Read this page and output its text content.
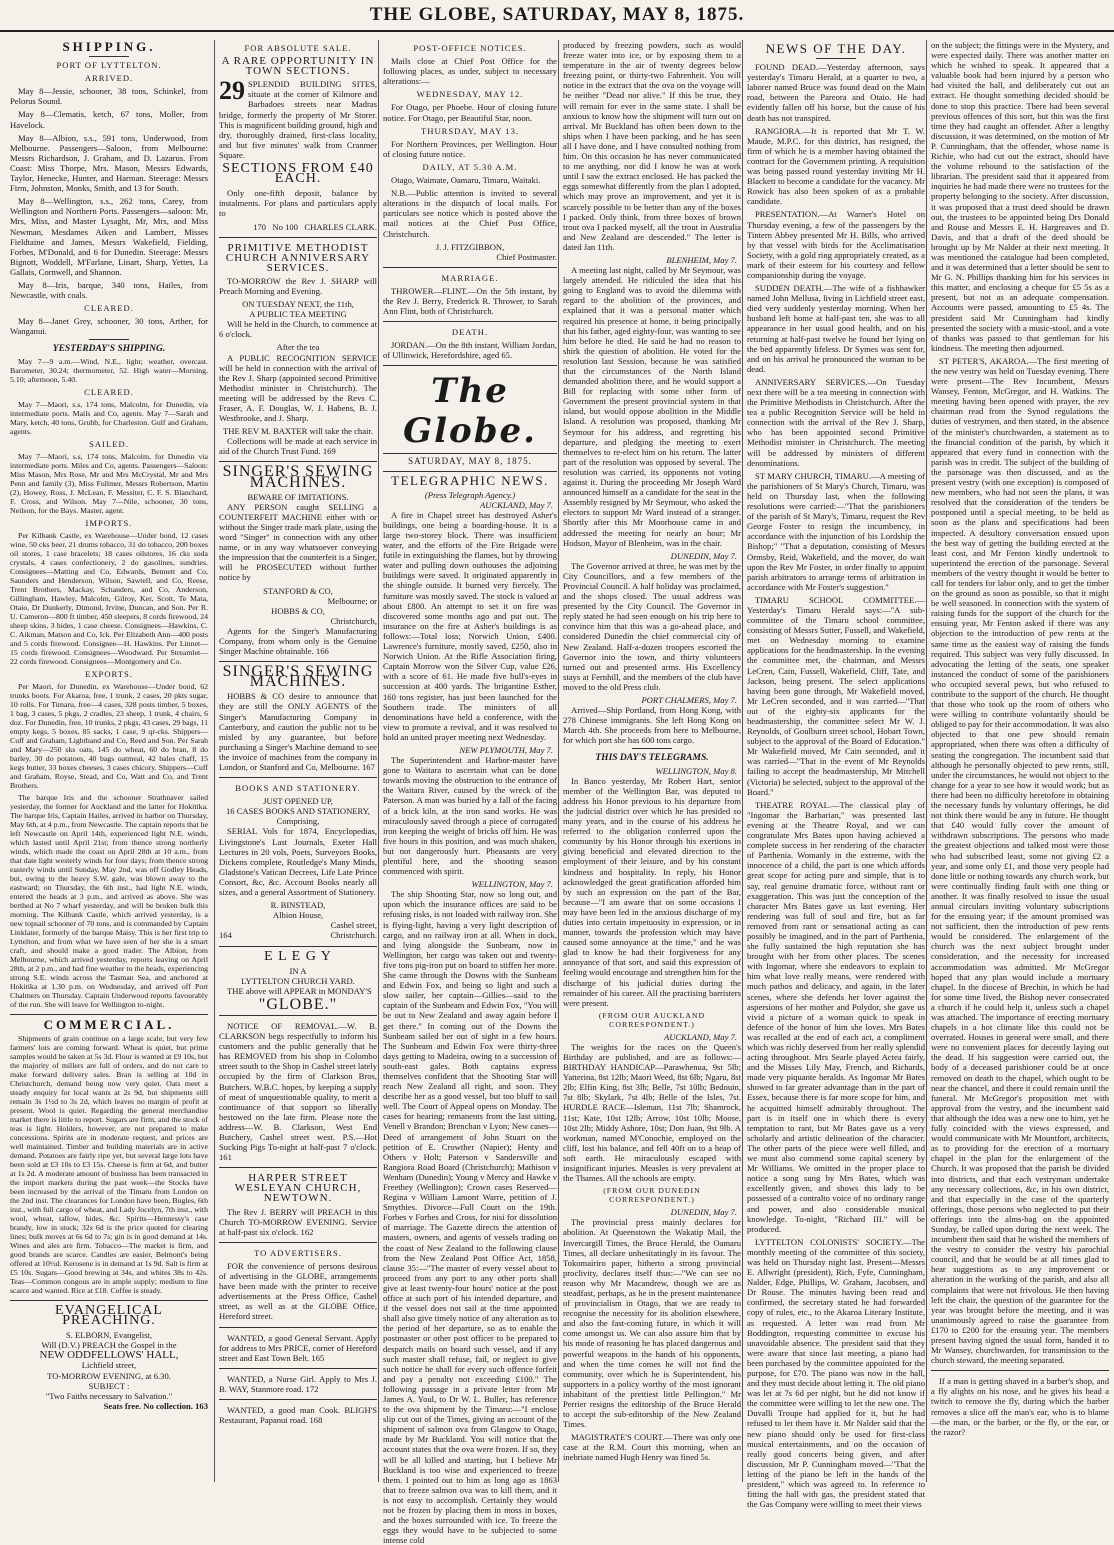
THE GLOBE, SATURDAY, MAY 8, 1875.
SHIPPING.
PORT OF LYTTELTON.
ARRIVED.

May 8—Jessie, schooner, 38 tons, Schinkel, from Pelorus Sound.

May 8—Clematis, ketch, 67 tons, Moller, from Havelock.

May 8—Albion, s.s., 591 tons, Underwood, from Melbourne. Passengers—Saloon, from Melbourne: Messrs Richardson, J. Graham, and D. Lazarus. From Coast: Miss Thorpe, Mrs. Mason, Messrs Edwards, Taylor, Henecke, Hunter, and Harman. Steerage: Messrs Firm, Johnston, Monks, Smith, and 13 for South.

May 8—Wellington, s.s., 262 tons, Carey, from Wellington and Northern Ports. Passengers—saloon: Mr, Mrs, Miss, and Master Lysaght, Mr, Mrs, and Miss Newman, Mesdames Aiken and Lambert, Misses Fieldtaine and James, Messrs Wakefield, Fielding, Forbes, M'Donald, and 6 for Dunedin. Steerage: Messrs Bignott, Woddell, M'Farlane, Linart, Sharp, Yettes, La Gallais, Cornwell, and Shannon.

May 8—Iris, barque, 340 tons, Hailes, from Newcastle, with coals.

CLEARED.

May 8—Janet Grey, schooner, 30 tons, Arther, for Wanganui.

YESTERDAY'S SHIPPING.

May 7—9 a.m.—Wind, N.E., light; weather, overcast. Barometer, 30.24; thermometer, 52. High water—Morning, 5.10; afternoon, 5.40.

CLEARED.

May 7—Maori, s.s, 174 tons, Malcolm, for Dunedin, via intermediate ports. Mails and Co, agents. May 7—Sarah and Mary, ketch, 40 tons, Grubb, for Charleston. Gulf and Graham, agents.

SAILED.

May 7—Maori, s.s, 174 tons, Malcolm, for Dunedin via intermediate ports. Miles and Co, agents. Passengers—Saloon: Miss Mason, Mrs Rose, Mr and Mrs McCrystal, Mr and Mrs Penn and family (3), Miss Fullmer, Messrs Robertson, Martin (2), Howey, Ross, J. McLean, F. Messiter, C. F. S. Blanchard, F. Cross, and Wilson. May 7—Nile, schooner, 30 tons, Neilson, for the Bays. Master, agent.

IMPORTS.

Per Kilbank Castle, ex Warehouse—Under bond, 12 cases wine, 50 cks beer, 21 drums tobacco, 31 do tobacco, 200 boxes oil stores, 1 case bracelets; 18 cases oilstores, 16 cks soda crystals, 4 cases confectionery, 2 do gasolines, sundries. Consignees—Matting and Co, Edwards, Bennett and Co, Saunders and Henderson, Wilson, Sawtell, and Co, Reese, Trent Brothers, Mackay, Schanders, and Co, Anderson, Gillingham, Hawley, Malcolm, Gilroy, Ker, Scott, Te Mata, Otaio, Dr Dunkerly, Dimond, Irvine, Duncan, and Son. Per R. U. Cameron—800 ft timber, 450 sleepers, 8 cords firewood, 24 sheep skins, 3 hides, 1 case cheese. Consignees—Hawkins, C. C. Aikman, Matson and Co, Ick. Per Elizabeth Ann—400 posts and 5 cords firewood. Consignee—H. Hawkins. Per Linnet—15 cords firewood. Consignees—Woodward. Per Streamlet—22 cords firewood. Consignees—Montgomery and Co.

EXPORTS.

Per Maori, for Dunedin, ex Warehouse—Under bond, 62 trunks boots. For Akaroa, free, 1 trunk, 2 cases, 20 pkts sugar, 10 rolls. For Timaru, free—4 cases, 328 posts timber, 5 boxes, 1 bag, 3 cases, 5 pkgs, 2 cradles, 23 sheep, 1 trunk, 4 chairs, 6 doz. For Dunedin, free, 10 trunks, 2 pkgs, 43 cases, 29 bags, 11 empty kegs, 5 boxes, 85 sacks, 1 case, 9 qr-cks. Shippers—Cuff and Graham, Lightband and Co, Reed and Son. Per Sarah and Mary—250 sks oats, 145 do wheat, 60 do bran, 8 do barley, 30 do potatoes, 40 bags oatmeal, 42 bales chaff, 15 kegs butter, 33 boxes cheeses, 3 cases chicory. Shippers—Cuff and Graham, Royse, Stead, and Co, Watt and Co, and Trent Brothers.

The barque Iris and the schooner Strathnaver sailed yesterday, the former for Auckland and the latter for Hokitika. The barque Iris, Captain Hailes, arrived in harbor on Thursday, May 6th, at 4 p.m., from Newcastle. The captain reports that he left Newcastle on April 14th, experienced light N.E. winds, which lasted until April 21st; from thence strong northerly winds, which made the coast on April 28th at 10 a.m., from that date light westerly winds for four days; from thence strong easterly winds until Sunday, May 2nd, was off Godley Heads, but, owing to the heavy S.W. gale, was blown away to the eastward; on Thursday, the 6th inst., had light N.E. winds, entered the heads at 3 p.m., and arrived as above. She was berthed at No 7 wharf yesterday, and will be broken bulk this morning. The Kilbank Castle, which arrived yesterday, is a new topsail schooner of 70 tons, and is commanded by Captain Linklater, formerly of the barque Maisy. This is her first trip to Lyttelton, and from what we have seen of her she is a smart craft, and should make a good trader. The Albion, from Melbourne, which arrived yesterday, reports leaving on April 28th, at 2 p.m., and had fine weather to the heads, experiencing strong S.E. winds across the Tasman Sea, and anchored at Hokitika at 1.30 p.m. on Wednesday, and arrived off Port Chalmers on Thursday. Captain Underwood reports favourably of the run. She will leave for Wellington to-night.

COMMERCIAL.

Shipments of grain continue on a large scale, but very few farmers' lots are coming forward. Wheat is quiet, but prime samples would be taken at 5s 3d. Flour is wanted at £9 10s, but the majority of millers are full of orders, and do not care to make forward delivery sales. Bran is selling at 10d in Christchurch, demand being now very quiet. Oats meet a steady enquiry for local wants at 2s 9d, but shipments still remain 3s 1½d to 3s 2d, which leaves no margin of profit at present. Wool is quiet. Regarding the general merchandise market there is little to report. Sugars are firm, and the stock of teas is light. Holders, however, are not prepared to make concessions. Spirits are in moderate request, and prices are well maintained. Timber and building materials are in active demand. Potatoes are fairly ripe yet, but several large lots have been sold at £3 10s to £3 15s. Cheese is firm at 6d, and butter at 1s 2d. A moderate amount of business has been transacted in the import markets during the past week—the Stocks have been increased by the arrival of the Timaru from London on the 2nd inst. The clearances for London have been, Bugles, 6th inst., with full cargo of wheat, and Lady Jocelyn, 7th inst., with wool, wheat, tallow, hides, &c. Spirits—Hennessy's case brandy, low in stock; 32s 6d is the price quoted for clearing lines; bulk moves at 6s 6d to 7s; gin is in good demand at 14s. Wines and ales are firm. Tobacco—The market is firm, and good brands are scarce. Candles are easier, Belmont's being offered at 10½d. Kerosene is in demand at 1s 9d. Salt is firm at £5 10s. Sugars—Good brewing at 34s, and whites 38s to 42s. Teas—Common congous are in ample supply; medium to fine scarce and wanted. Rice at £18. Coffee is steady.

EVANGELICAL PREACHING.
S. ELBORN, Evangelist,
Will (D.V.) PREACH the Gospel in the
NEW ODDFELLOWS' HALL,
Lichfield street,
TO-MORROW EVENING, at 6.30.
SUBJECT :
"Two Faiths necessary to Salvation."
Seats free. No collection. 163
FOR ABSOLUTE SALE.
A RARE OPPORTUNITY IN TOWN SECTIONS.

29 SPLENDID BUILDING SITES, situate at the corner of Kilmore and Barbadoes streets near Madras bridge, formerly the property of Mr Storer. This is magnificent building ground, high and dry, thoroughly drained, first-class locality, and but five minutes' walk from Cranmer Square.

SECTIONS FROM £40 EACH.

Only one-fifth deposit, balance by instalments. For plans and particulars apply to

170 No 100 CHARLES CLARK.
PRIMITIVE METHODIST CHURCH ANNIVERSARY SERVICES.

TO-MORROW the Rev J. SHARP will Preach Morning and Evening.

ON TUESDAY NEXT, the 11th,
A PUBLIC TEA MEETING

Will be held in the Church, to commence at 6 o'clock.

After the tea

A PUBLIC RECOGNITION SERVICE will be held in connection with the arrival of the Rev J. Sharp (appointed second Primitive Methodist minister in Christchurch). The meeting will be addressed by the Revs C. Fraser, A. F. Douglas, W. J. Habens, B. J. Westbrooke, and J. Sharp.

THE REV M. BAXTER will take the chair.

Collections will be made at each service in aid of the Church Trust Fund. 169

SINGER'S SEWING MACHINES.
BEWARE OF IMITATIONS.

ANY PERSON caught SELLING a COUNTERFEIT MACHINE either with or without the Singer trade mark plate, using the word "Singer" in connection with any other name, or in any way whatsoever conveying the impression that the counterfeit is a Singer, will be PROSECUTED without further notice by

STANFORD & CO,
Melbourne; or
HOBBS & CO,
Christchurch,

Agents for the Singer's Manufacturing Company, from whom only is the Genuine Singer Machine obtainable. 166

SINGER'S SEWING MACHINES.

HOBBS & CO desire to announce that they are still the ONLY AGENTS of the Singer's Manufacturing Company in Canterbury, and caution the public not to be misled by any guarantee, but before purchasing a Singer's Machine demand to see the invoice of machines from the company in London, or Stanford and Co, Melbourne. 167

BOOKS AND STATIONERY.
JUST OPENED UP,
16 CASES BOOKS AND STATIONERY,
Comprising,

SERIAL Vols for 1874, Encyclopedias, Livingstone's Last Journals, Exeter Hall Lectures in 20 vols, Poets, Surveyors Books, Dickens complete, Routledge's Many Minds, Gladstone's Vatican Decrees, Life Late Prince Consort, &c, &c. Account Books nearly all sizes, and a general Assortment of Stationery.

R. BINSTEAD,
Albion House,
Cashel street,
164	Christchurch.
E L E G Y
IN A
LYTTELTON CHURCH YARD.

THE above will APPEAR in MONDAY'S

"GLOBE."

NOTICE OF REMOVAL.—W. B. CLARKSON begs respectfully to inform his customers and the public generally that he has REMOVED from his shop in Colombo street south to the Shop in Cashel street lately occupied by the firm of Clarkson Bros, Butchers. W.B.C. hopes, by keeping a supply of meat of unquestionable quality, to merit a continuance of that support so liberally bestowed on the late firm. Please note the address—W. B. Clarkson, West End Butchery, Cashel street west. P.S.—Hot Sucking Pigs To-night at half-past 7 o'clock. 161

HARPER STREET WESLEYAN CHURCH, NEWTOWN.

The Rev J. BERRY will PREACH in this Church TO-MORROW EVENING. Service at half-past six o'clock. 162

TO ADVERTISERS.

FOR the convenience of persons desirous of advertising in the GLOBE, arrangements have been made with the printer to receive advertisements at the Press Office, Cashel street, as well as at the GLOBE Office, Hereford street.

WANTED, a good General Servant. Apply for address to Mrs PRICE, corner of Hereford street and East Town Belt. 165

WANTED, a Nurse Girl. Apply to Mrs J. B. WAY, Stanmore road. 172

WANTED, a good man Cook. BLIGH'S Restaurant, Papanui road. 168

POST-OFFICE NOTICES.

Mails close at Chief Post Office for the following places, as under, subject to necessary alterations:—

WEDNESDAY, MAY 12.

For Otago, per Phoebe. Hour of closing future notice. For Otago, per Beautiful Star, noon.

THURSDAY, MAY 13.

For Northern Provinces, per Wellington. Hour of closing future notice.

DAILY, AT 5.30 A.M.

Otago, Waimate, Oamaru, Timaru, Waitaki.

N.B.—Public attention is invited to several alterations in the dispatch of local mails. For particulars see notice which is posted above the mail notices at the Chief Post Office, Christchurch.

J. J. FITZGIBBON,
Chief Postmaster.
MARRIAGE.

THROWER—FLINT.—On the 5th instant, by the Rev J. Berry, Frederick R. Thrower, to Sarah Ann Flint, both of Christchurch.

DEATH.

JORDAN.—On the 8th instant, William Jordan, of Ullinwick, Herefordshire, aged 65.

The Globe.
SATURDAY, MAY 8, 1875.
TELEGRAPHIC NEWS.
(Press Telegraph Agency.)
AUCKLAND, May 7.

A fire in Chapel street has destroyed Asher's buildings, one being a boarding-house. It is a large two-storey block. There was insufficient water, and the efforts of the Fire Brigade were futile in extinguishing the flames, but by throwing water and pulling down outhouses the adjoining buildings were saved. It originated apparently in the shingle outside. It burned very fiercely. The furniture was mostly saved. The stock is valued at about £800. An attempt to set it on fire was discovered some months ago and put out. The insurance on the fire at Asher's buildings is as follows:—Total loss; Norwich Union, £400. Lawrence's furniture, mostly saved, £250, also in Norwich Union. At the Rifle Association firing, Captain Morrow won the Silver Cup, value £26, with a score of 61. He made five bull's-eyes in succession at 400 yards. The brigantine Esther, 160 tons register, has just been launched for the Southern trade. The ministers of all denominations have held a conference, with the view to promote a revival, and it was resolved to hold an united prayer meeting next Wednesday.

NEW PLYMOUTH, May 7.

The Superintendent and Harbor-master have gone to Waitara to ascertain what can be done towards moving the obstruction to the entrance of the Waitara River, caused by the wreck of the Paterson. A man was buried by a fall of the facing of a brick kiln, at the iron sand works. He was miraculously saved through a piece of corrugated iron keeping the weight of bricks off him. He was five hours in this position, and was much shaken, but not dangerously hurt. Pheasants are very plentiful here, and the shooting season commenced with spirit.

WELLINGTON, May 7.

The ship Shooting Star, now so long out, and upon which the insurance offices are said to be refusing risks, is not loaded with railway iron. She is flying-light, having a very light description of cargo, and no railway iron at all. When in dock, and lying alongside the Sunbeam, now in Wellington, her cargo was taken out and twenty-five tons pig-iron put on board to stiffen her more. She came through the Downs with the Sunbeam and Edwin Fox, and being so light and such a slow sailer, her captain—Gillies—said to the captain of the Sunbeam and Edwin Fox, "You will be out to New Zealand and away again before I get there." In coming out of the Downs the Sunbeam sailed her out of sight in a few hours. The Sunbeam and Edwin Fox were thirty-three days getting to Madeira, owing to a succession of south-east gales. Both captains express themselves confident that the Shooting Star will reach New Zealand all right, and soon. They describe her as a good vessel, but too bluff to sail well. The Court of Appeal opens on Monday. The cases for hearing; remanents from the last sitting, Venell v Brandon; Brenchan v Lyon; New cases—Deed of arrangement of John Stuart on the petition of E. Crowther (Napier); Henty and Others v Holt; Paterson v Sandersville and Rangiora Road Board (Christchurch); Mathison v Wenham (Dunedin); Young v Mercy and Hawke v Freethey (Wellington); Crown cases Reserved—Regina v William Lamont Warre, petition of J. Smythies. Divorce—Full Court on the 19th. Forbes v Forbes and Cross, for nisi for dissolution of marriage. The Gazette directs the attention of masters, owners, and agents of vessels trading on the coast of New Zealand to the following clause from the New Zealand Post Office Act, 1858, clause 35:—"The master of every vessel about to proceed from any port to any other ports shall give at least twenty-four hours' notice at the post office at such port of his intended departure, and if the vessel does not sail at the time appointed shall also give timely notice of any alteration as to the period of her departure, so as to enable the postmaster or other post officer to be prepared to despatch mails on board such vessel, and if any such master shall refuse, fail, or neglect to give such notice he shall for every such offence forfeit and pay a penalty not exceeding £100." The following passage in a private letter from Mr James A. Youl, to Dr W. L. Buller, has reference to the ova shipment by the Timaru:—"I enclose slip cut out of the Times, giving an account of the shipment of salmon ova from Glasgow to Otago, made by Mr Buckland. You will notice that the account states that the ova were frozen. If so, they will be all killed and starting, but I believe Mr Buckland is too wise and experienced to freeze them. I pointed out to him as long ago as 1863 that to freeze salmon ova was to kill them, and it is not easy to accomplish. Certainly they would not be frozen by placing them in moss in boxes, and the boxes surrounded with ice. To freeze the eggs they would have to be subjected to some intense cold

produced by freezing powders, such as would freeze water into ice, or by exposing them to a temperature in the air of twenty degrees below freezing point, or thirty-two Fahrenheit. You will notice in the extract that the ova on the voyage will be neither "Dead nor alive." If this be true, they will remain for ever in the same state. I shall be anxious to know how the shipment will turn out on arrival. Mr Buckland has often been down to the ships when I have been packing, and he has seen all I have done, and I have consulted nothing from him. On this occasion he has never communicated to me anything, nor did I know he was at work until I saw the extract enclosed. He has packed the eggs somewhat differently from the plan I adopted, which may prove an improvement, and yet it is scarcely possible to be better than any of the boxes I packed. Only think, from three boxes of brown trout ova I packed myself, all the trout in Australia and New Zealand are descended." The letter is dated Jan 11th.

BLENHEIM, May 7.

A meeting last night, called by Mr Seymour, was largely attended. He ridiculed the idea that his going to England was to avoid the dilemma with regard to the abolition of the provinces, and explained that it was a personal matter which required his presence at home, it being principally that his father, aged eighty-four, was wanting to see him before he died. He said he had no reason to shirk the question of abolition. He voted for the resolution last Session, because he was satisfied that the circumstances of the North Island demanded abolition there, and he would support a Bill for replacing with some other form of Government the present provincial system in that island, but would oppose abolition in the Middle Island. A resolution was proposed, thanking Mr Seymour for his address, and regretting his departure, and pledging the meeting to exert themselves to re-elect him on his return. The latter part of the resolution was opposed by several. The resolution was carried, its opponents not voting against it. During the proceeding Mr Joseph Ward announced himself as a candidate for the seat in the Assembly resigned by Mr Seymour, who asked the electors to support Mr Ward instead of a stranger. Shortly after this Mr Moorhouse came in and addressed the meeting for nearly an hour; Mr Hodson, Mayor of Blenheim, was in the chair.

DUNEDIN, May 7.

The Governor arrived at three, he was met by the City Councillors, and a few members of the Provincial Council. A half holiday was proclaimed, and the shops closed. The usual address was presented by the City Council. The Governor in reply stated he had seen enough on his trip here to convince him that this was a go-ahead place, and considered Dunedin the chief commercial city of New Zealand. Half-a-dozen troopers escorted the Governor into the town, and thirty volunteers turned out and presented arms. His Excellency stays at Fernhill, and the members of the club have moved to the old Press club.

PORT CHALMERS, May 7.

Arrived—Ship Portland, from Hong Kong, with 278 Chinese immigrants. She left Hong Kong on March 4th. She proceeds from here to Melbourne, for which port she has 600 tons cargo.

THIS DAY'S TELEGRAMS.
WELLINGTON, May 8.

In Banco yesterday, Mr Robert Hart, senior member of the Wellington Bar, was deputed to address his Honor previous to his departure from the judicial district over which he has presided so many years, and in the course of his address he referred to the obligation conferred upon the community by his Honor through his exertions in giving beneficial and elevated direction to the employment of their leisure, and by his constant kindness and hospitality. In reply, his Honor acknowledged the great gratification afforded him by such an expression on the part of the Bar, because—"I am aware that on some occasions I may have been led in the anxious discharge of my duties into certain impetuosity in expression, or in manner, towards the profession which may have caused some annoyance at the time," and he was glad to know he had their forgiveness for any annoyance of that sort, and said this expression of feeling would encourage and strengthen him for the discharge of his judicial duties during the remainder of his career. All the practising barristers were present.

(FROM OUR AUCKLAND CORRESPONDENT.)
AUCKLAND, May 7.

The weights for the races on the Queen's Birthday are published, and are as follows:— BIRTHDAY HANDICAP—Parawhenua, 9st 5lb; Yatterina, 8st 12lb; Maori Weed, 8st 6lb; Ngaru, 8st 2lb; Elfin King, 8st 3lb; Belle, 7st 10lb; Bedouin, 7st 8lb; Skylark, 7st 4lb; Belle of the Isles, 7st. HURDLE RACE—Isleman, 11st 7lb; Shamrock, 11st; Kate, 10st 12lb; Arrow, 10st 10lb; Moose, 10st 2lb; Middy Ashore, 10st; Don Juan, 9st 9lb. A workman, named M'Conochie, employed on the cliff, lost his balance, and fell 40ft on to a heap of soft earth. He miraculously escaped with insignificant injuries. Measles is very prevalent at the Thames. All the schools are empty.

(FROM OUR DUNEDIN CORRESPONDENT.)
DUNEDIN, May 7.

The provincial press mainly declares for abolition. At Queenstown the Wakatip Mail, the Invercargill Times, the Bruce Herald, the Oamaru Times, all declare unhesitatingly in its favour. The Tokomairiro paper, hitherto a strong provincial proclivity, declares itself thus:—"We can see no reason why Mr Macandrew, though we are as steadfast, perhaps, as he in the present maintenance of provincialism in Otago, that we are ready to recognise the necessity for its abolition elsewhere, and also the fast-coming future, in which it will come amongst us. We can also assure him that by his mode of reasoning he has placed dangerous and powerful weapons in the hands of his opponents, and when the time comes he will not find the community, over which he is Superintendent, his supporters in a policy worthy of the most ignorant inhabitant of the prettiest little Pellington." Mr Perrier resigns the editorship of the Bruce Herald to accept the sub-editorship of the New Zealand Times.

MAGISTRATE'S COURT.—There was only one case at the R.M. Court this morning, when an inebriate named Hugh Henry was fined 5s.

NEWS OF THE DAY.

FOUND DEAD.—Yesterday afternoon, says yesterday's Timaru Herald, at a quarter to two, a laborer named Bruce was found dead on the Main road, between the Pareora and Otaio. He had evidently fallen off his horse, but the cause of his death has not transpired.

RANGIORA.—It is reported that Mr T. W. Maude, M.P.C. for this district, has resigned, the firm of which he is a member having obtained the contract for the Government printing. A requisition was being passed round yesterday inviting Mr H. Blackett to become a candidate for the vacancy. Mr Rowick has also been spoken of as a probable candidate.

PRESENTATION.—At Warner's Hotel on Thursday evening, a few of the passengers by the Tintern Abbey presented Mr H. Bills, who arrived by that vessel with birds for the Acclimatisation Society, with a gold ring appropriately created, as a mark of their esteem for his courtesy and fellow companionship during the voyage.

SUDDEN DEATH.—The wife of a fishhawker named John Mellusa, living in Lichfield street east, died very suddenly yesterday morning. When her husband left home at half-past ten, she was to all appearance in her usual good health, and on his returning at half-past twelve he found her lying on the bed apparently lifeless. Dr Symes was sent for, and on his arrival he pronounced the woman to be dead.

ANNIVERSARY SERVICES.—On Tuesday next there will be a tea meeting in connection with the Primitive Methodists in Christchurch. After the tea a public Recognition Service will be held in connection with the arrival of the Rev J. Sharp, who has been appointed second Primitive Methodist minister in Christchurch. The meeting will be addressed by ministers of different denominations.

ST MARY CHURCH, TIMARU.—A meeting of the parishioners of St Mary's Church, Timaru, was held on Thursday last, when the following resolutions were carried:—"That the parishioners of the parish of St Mary's, Timaru, request the Rev George Foster to resign the incumbency, in accordance with the injunction of his Lordship the Bishop;" "That a deputation, consisting of Messrs Ormsby, Reid, Wakefield, and the mover, do wait upon the Rev Mr Foster, in order finally to appoint parish arbitrators to arrange terms of arbitration in accordance with Mr Foster's suggestion."

TIMARU SCHOOL COMMITTEE.—Yesterday's Timaru Herald says:—"A sub-committee of the Timaru school committee, consisting of Messrs Sutter, Fussell, and Wakefield, met on Wednesday morning to examine applications for the headmastership. In the evening the committee met, the chairman, and Messrs LeCren, Cain, Fussell, Wakefield, Cliff, Tate, and Jackson, being present. The select applications having been gone through, Mr Wakefield moved, Mr LeCren seconded, and it was carried—"That out of the eighty-six applicants for the headmastership, the committee select Mr W. J. Reynolds, of Goulburn street school, Hobart Town, subject to the approval of the Board of Education." Mr Wakefield moved, Mr Cain seconded, and it was carried—"That in the event of Mr Reynolds failing to accept the headmastership, Mr Mitchell (Victoria) be selected, subject to the approval of the Board."

THEATRE ROYAL.—The classical play of "Ingomar the Barbarian," was presented last evening at the Theatre Royal, and we can congratulate Mrs Bates upon having achieved a complete success in her rendering of the character of Parthenia. Womanly in the extreme, with the innocence of a child, the part is one which affords great scope for acting pure and simple, that is to say, real genuine dramatic force, without rant or exaggeration. This was just the conception of the character Mrs Bates gave us last evening. Her rendering was full of soul and fire, but as far removed from rant or sensational acting as can possibly be imagined, and in the part of Parthenia, she fully sustained the high reputation she has brought with her from other places. The scenes with Ingomar, where she endeavors to explain to him what love really means, were rendered with much pathos and delicacy, and again, in the later scenes, where she defends her lover against the aspersions of her mother and Polydor, she gave us vivid a picture of a woman quick to speak in defence of the honor of him she loves. Mrs Bates was recalled at the end of each act, a compliment which was richly deserved from her really splendid acting throughout. Mrs Searle played Actea fairly, and the Misses Lily May, French, and Richards, made very piquante heralds. As Ingomar Mr Bates showed to far greater advantage than in the part of Essex, because there is far more scope for him, and he acquitted himself admirably throughout. The part is in itself one in which there is every temptation to rant, but Mr Bates gave us a very scholarly and artistic delineation of the character. The other parts of the piece were well filled, and we must also commend some capital scenery by Mr Williams. We omitted in the proper place to notice a song sung by Mrs Bates, which was excellently given, and shows this lady to be possessed of a contralto voice of no ordinary range and power, and also considerable musical knowledge. To-night, "Richard III." will be produced.

LYTTELTON COLONISTS' SOCIETY.—The monthly meeting of the committee of this society, was held on Thursday night last. Present—Messrs E. Allwright (president), Rich, Fyfe, Cunningham, Nalder, Edge, Phillips, W. Graham, Jacobsen, and Dr Rouse. The minutes having been read and confirmed, the secretary stated he had forwarded copy of rules, etc., to the Akaroa Literary Institute, as requested. A letter was read from Mr Boddington, requesting committee to excuse his unavoidable absence. The president said that they were aware that since last meeting, a piano had been purchased by the committee appointed for the purpose, for £70. The piano was now in the hall, and they must decide about letting it. The old piano was let at 7s 6d per night, but he did not know if the committee were willing to let the new one. The Duvalli Troupe had applied for it, but he had refused to let them have it. Mr Nalder said that the new piano should only be used for first-class musical entertainments, and on the occasion of really good concerts being given, and after discussion, Mr P. Cunningham moved—"That the letting of the piano be left in the hands of the president," which was agreed to. In reference to fitting the hall with gas, the president stated that the Gas Company were willing to meet their views

on the subject; the fittings were in the Mystery, and were expected daily. There was another matter on which he wished to speak. It appeared that a valuable book had been injured by a person who had visited the hall, and deliberately cut out an extract. He thought something decided should be done to stop this practice. There had been several previous offences of this sort, but this was the first time they had caught an offender. After a lengthy discussion, it was determined, on the motion of Mr P. Cunningham, that the offender, whose name is Richie, who had cut out the extract, should have the volume rebound to the satisfaction of the librarian. The president said that it appeared from inquiries he had made there were no trustees for the property belonging to the society. After discussion, it was proposed that a trust deed should be drawn out, the trustees to be appointed being Drs Donald and Rouse and Messrs E. H. Hargreaves and D. Davis, and that a draft of the deed should be brought up by Mr Nalder at their next meeting. It was mentioned the catalogue had been completed, and it was determined that a letter should be sent to Mr G. N. Phillips thanking him for his services in this matter, and enclosing a cheque for £5 5s as a present, but not as an adequate compensation. Accounts were passed, amounting to £5 4s. The president said Mr Cunningham had kindly presented the society with a music-stool, and a vote of thanks was passed to that gentleman for his kindness. The meeting then adjourned.

ST PETER'S, AKAROA.—The first meeting of the new vestry was held on Tuesday evening. There were present—The Rev Incumbent, Messrs Wansey, Fenton, McGregor, and H. Watkins. The meeting having been opened with prayer, the rev chairman read from the Synod regulations the duties of vestrymen, and then stated, in the absence of the minister's churchwarden, a statement as to the financial condition of the parish, by which it appeared that every fund in connection with the parish was in credit. The subject of the building of the parsonage was then discussed, and as the present vestry (with one exception) is composed of new members, who had not seen the plans, it was resolved that the consideration of the tenders be postponed until a special meeting, to be held as soon as the plans and specifications had been inspected. A desultory conversation ensued upon the best way of getting the building erected at the least cost, and Mr Fenton kindly undertook to superintend the erection of the parsonage. Several members of the vestry thought it would be better to call for tenders for labor only, and to get the timber on the ground as soon as possible, so that it might be well seasoned. In connection with the system of raising funds for the support of the church for the ensuing year, Mr Fenton asked if there was any objection to the introduction of pew rents at the same time as the easiest way of raising the funds required. This subject was very fully discussed. In advocating the letting of the seats, one speaker instanced the conduct of some of the parishioners who occupied several pews, but who refused to contribute to the support of the church. He thought that those who took up the room of others who were willing to contribute voluntarily should be obliged to pay for their accommodation. It was also objected to that one pew should remain appropriated, when there was often a difficulty of seating the congregation. The incumbent said that although he personally objected to pew rents, still, under the circumstances, he would not object to the change for a year to see how it would work; but as there had been no difficulty heretofore in obtaining the necessary funds by voluntary offerings, he did not think there would be any in future. He thought that £40 would fully cover the amount of withdrawn subscriptions. The persons who made the greatest objections and talked most were those who had subscribed least, some not giving £2 a year, and some only £1, and those very people had done little or nothing towards any church work, but were continually finding fault with one thing or another. It was finally resolved to issue the usual annual circulars inviting voluntary subscriptions for the ensuing year; if the amount promised was not sufficient, then the introduction of pew rents would be considered. The enlargement of the church was the next subject brought under consideration, and the necessity for increased accommodation was admitted. Mr McGregor hoped that any plan would include a mortuary chapel. In the diocese of Brechin, in which he had for some time lived, the Bishop never consecrated a church if he could help it, unless such a chapel was attached. The importance of erecting mortuary chapels in a hot climate like this could not be overrated. Houses in general were small, and there were no convenient places for decently laying out the dead. If his suggestion were carried out, the body of a deceased parishioner could be at once removed on death to the chapel, which ought to be near the chancel, and there it could remain until the funeral. Mr McGregor's proposition met with approval from the vestry, and the incumbent said that although the idea was a new one to him, yet he fully coincided with the views expressed, and would communicate with Mr Mountfort, architects, as to providing for the erection of a mortuary chapel in the plan for the enlargement of the Church. It was proposed that the parish be divided into districts, and that each vestryman undertake any necessary collections, &c, in his own district, and that especially in the case of the quarterly offerings, those persons who neglected to put their offerings into the alms-bag on the appointed Sunday, be called upon during the next week. The incumbent then said that he wished the members of the vestry to consider the vestry his parochial council, and that he would be at all times glad to hear suggestions as to any improvement or alteration in the working of the parish, and also all complaints that were not frivolous. He then having left the chair, the question of the guarantee for the year was brought before the meeting, and it was unanimously agreed to raise the guarantee from £170 to £200 for the ensuing year. The members present having signed the usual form, handed it to Mr Wansey, churchwarden, for transmission to the church steward, the meeting separated.

If a man is getting shaved in a barber's shop, and a fly alights on his nose, and he gives his head a twitch to remove the fly, during which the barber removes a slice off the man's ear, who is to blame—the man, or the barber, or the fly, or the ear, or the razor?
